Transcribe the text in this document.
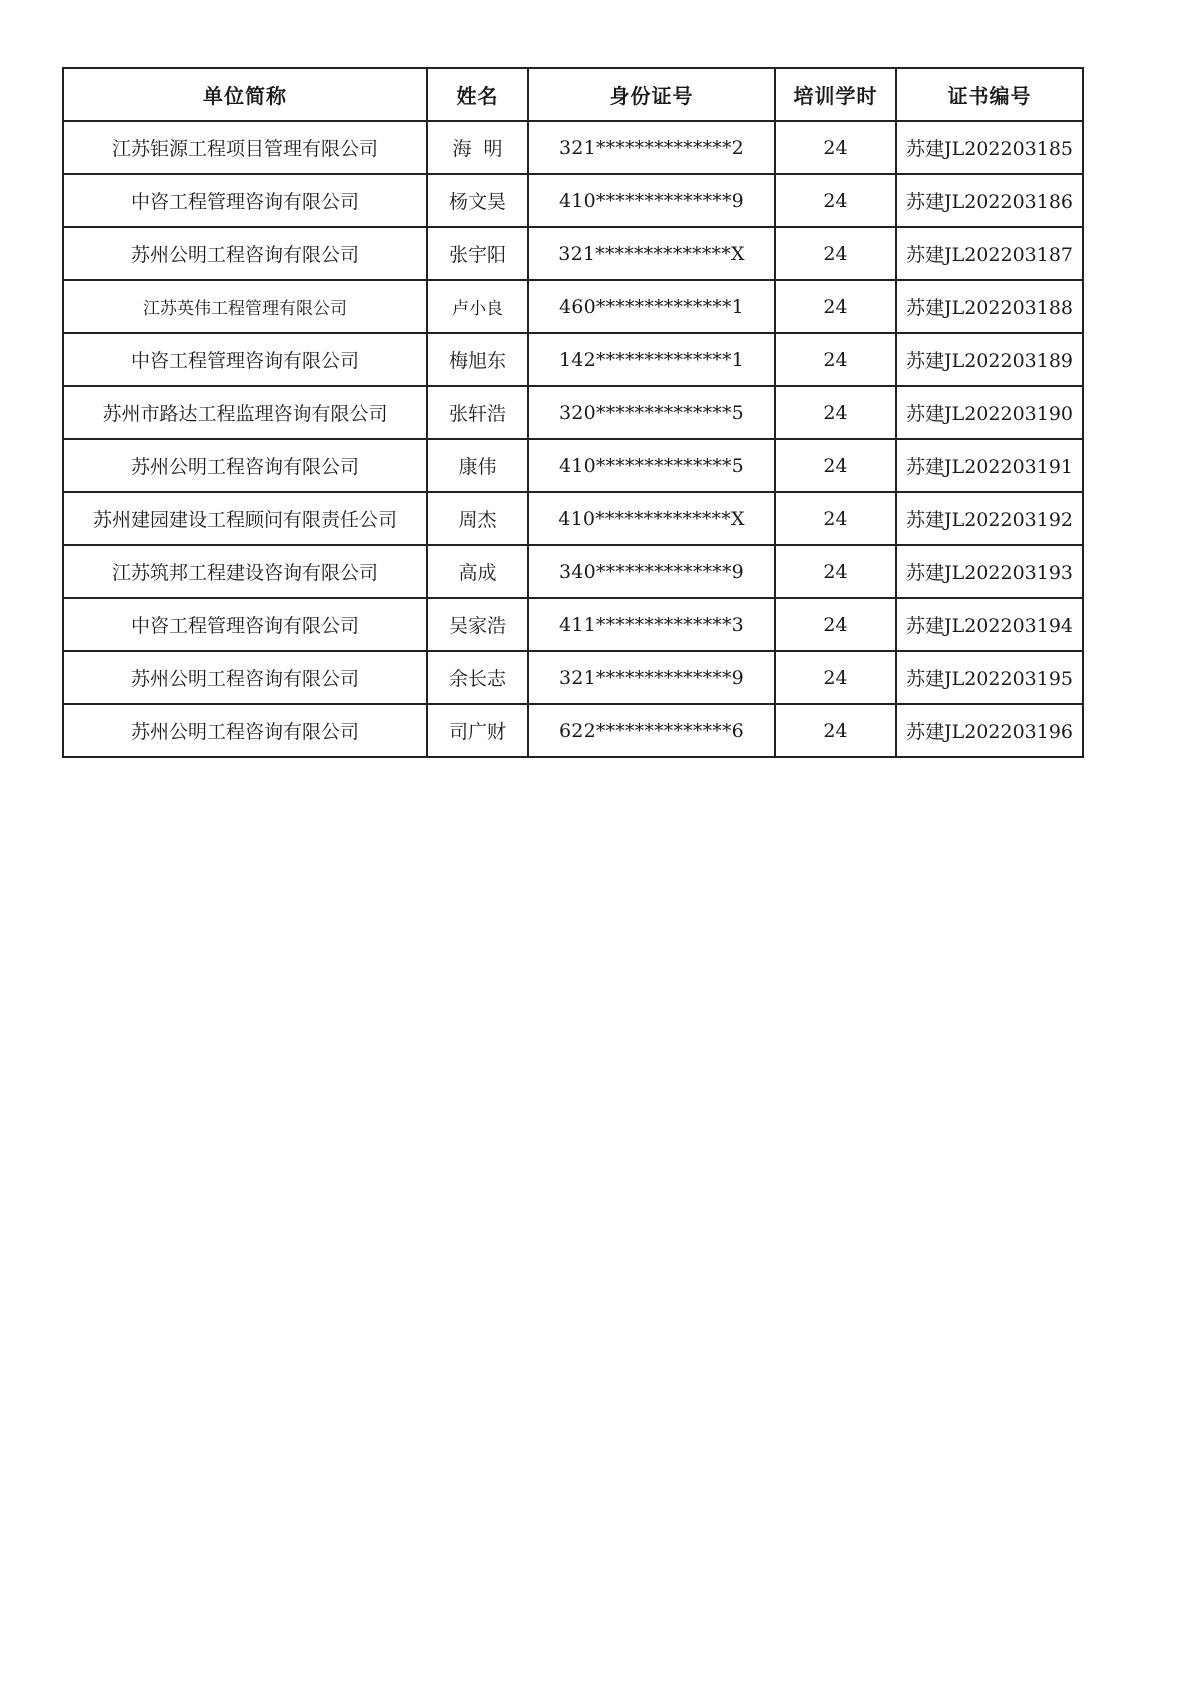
单位简称	姓名	身份证号	培训学时	证书编号
江苏钜源工程项目管理有限公司	海  明	321**************2	24	苏建JL202203185
中咨工程管理咨询有限公司	杨文昊	410**************9	24	苏建JL202203186
苏州公明工程咨询有限公司	张宇阳	321**************X	24	苏建JL202203187
江苏英伟工程管理有限公司	卢小良	460**************1	24	苏建JL202203188
中咨工程管理咨询有限公司	梅旭东	142**************1	24	苏建JL202203189
苏州市路达工程监理咨询有限公司	张轩浩	320**************5	24	苏建JL202203190
苏州公明工程咨询有限公司	康伟	410**************5	24	苏建JL202203191
苏州建园建设工程顾问有限责任公司	周杰	410**************X	24	苏建JL202203192
江苏筑邦工程建设咨询有限公司	高成	340**************9	24	苏建JL202203193
中咨工程管理咨询有限公司	吴家浩	411**************3	24	苏建JL202203194
苏州公明工程咨询有限公司	余长志	321**************9	24	苏建JL202203195
苏州公明工程咨询有限公司	司广财	622**************6	24	苏建JL202203196
